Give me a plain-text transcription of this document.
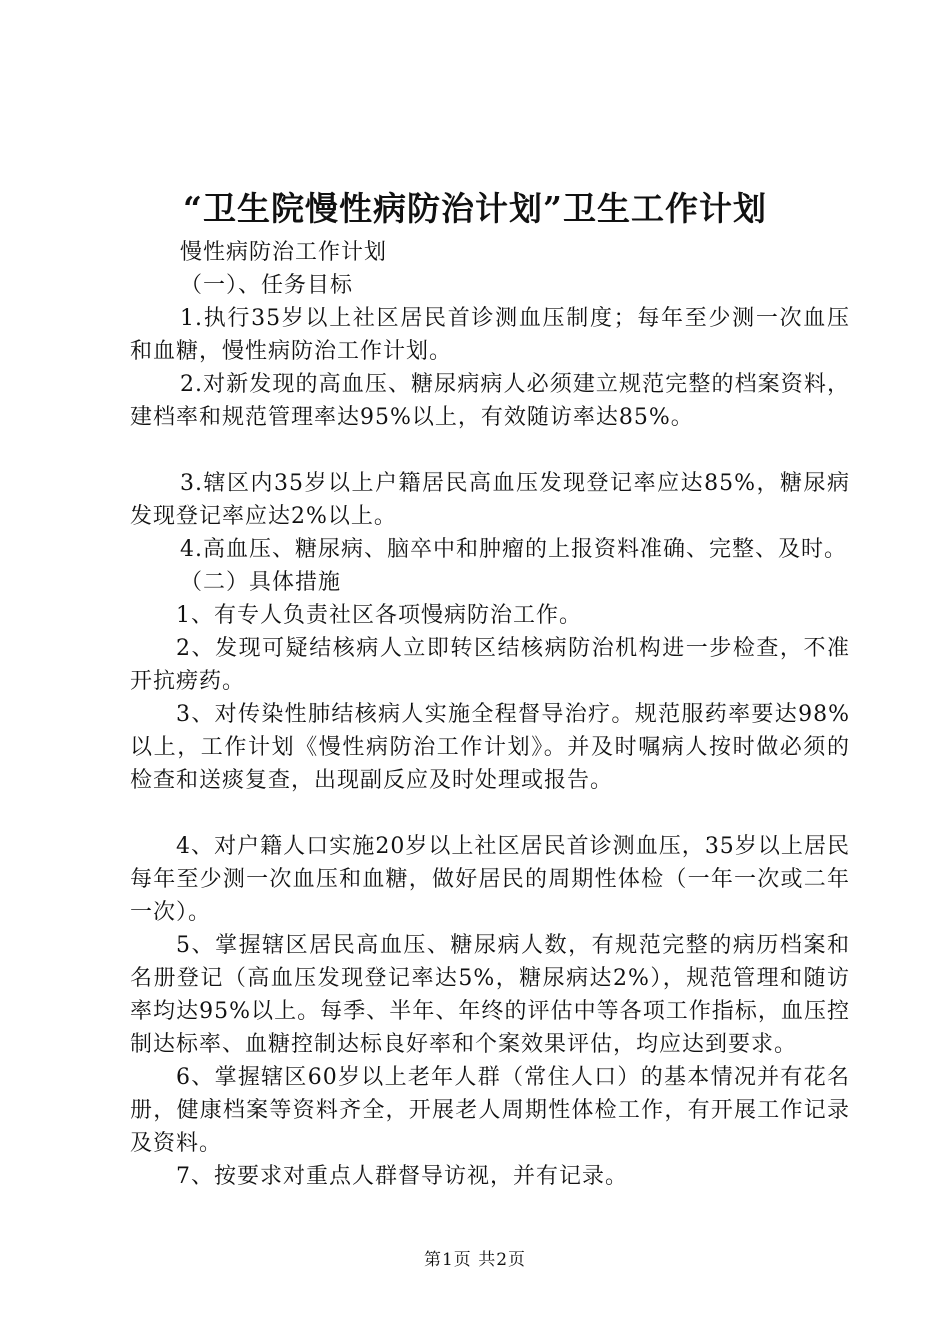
“卫生院慢性病防治计划”卫生工作计划

慢性病防治工作计划

（一）、任务目标

1.执行35岁以上社区居民首诊测血压制度；每年至少测一次血压和血糖，慢性病防治工作计划。

2.对新发现的高血压、糖尿病病人必须建立规范完整的档案资料，建档率和规范管理率达95%以上，有效随访率达85%。

3.辖区内35岁以上户籍居民高血压发现登记率应达85%，糖尿病发现登记率应达2%以上。

4.高血压、糖尿病、脑卒中和肿瘤的上报资料准确、完整、及时。

（二）具体措施

1、有专人负责社区各项慢病防治工作。

2、发现可疑结核病人立即转区结核病防治机构进一步检查，不准开抗痨药。

3、对传染性肺结核病人实施全程督导治疗。规范服药率要达98%以上，工作计划《慢性病防治工作计划》。并及时嘱病人按时做必须的检查和送痰复查，出现副反应及时处理或报告。

4、对户籍人口实施20岁以上社区居民首诊测血压，35岁以上居民每年至少测一次血压和血糖，做好居民的周期性体检（一年一次或二年一次）。

5、掌握辖区居民高血压、糖尿病人数，有规范完整的病历档案和名册登记（高血压发现登记率达5%，糖尿病达2%），规范管理和随访率均达95%以上。每季、半年、年终的评估中等各项工作指标，血压控制达标率、血糖控制达标良好率和个案效果评估，均应达到要求。

6、掌握辖区60岁以上老年人群（常住人口）的基本情况并有花名册，健康档案等资料齐全，开展老人周期性体检工作，有开展工作记录及资料。

7、按要求对重点人群督导访视，并有记录。

第1页 共2页
